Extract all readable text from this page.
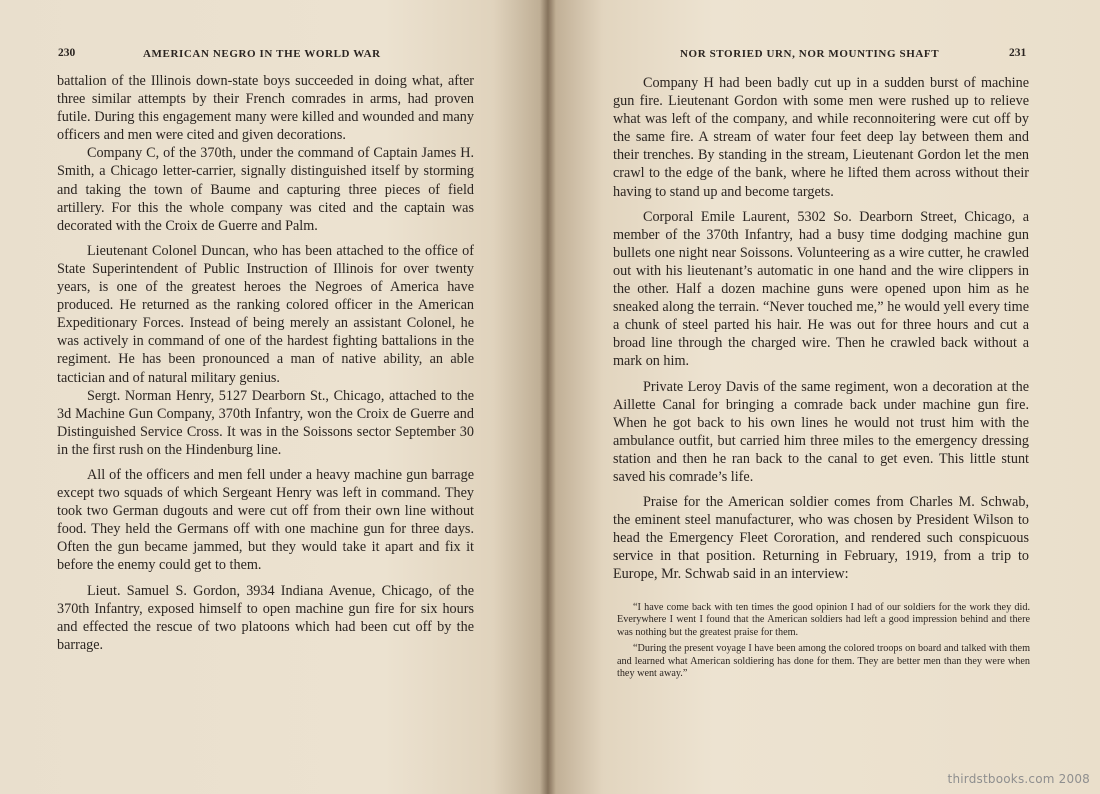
230	AMERICAN NEGRO IN THE WORLD WAR

battalion of the Illinois down-state boys succeeded in doing what, after three similar attempts by their French comrades in arms, had proven futile. During this engagement many were killed and wounded and many officers and men were cited and given decorations.

Company C, of the 370th, under the command of Captain James H. Smith, a Chicago letter-carrier, signally distinguished itself by storming and taking the town of Baume and capturing three pieces of field artillery. For this the whole company was cited and the captain was decorated with the Croix de Guerre and Palm.

Lieutenant Colonel Duncan, who has been attached to the office of State Superintendent of Public Instruction of Illinois for over twenty years, is one of the greatest heroes the Negroes of America have produced. He returned as the ranking colored officer in the American Expeditionary Forces. Instead of being merely an assistant Colonel, he was actively in command of one of the hardest fighting battalions in the regiment. He has been pronounced a man of native ability, an able tactician and of natural military genius.

Sergt. Norman Henry, 5127 Dearborn St., Chicago, attached to the 3d Machine Gun Company, 370th Infantry, won the Croix de Guerre and Distinguished Service Cross. It was in the Soissons sector September 30 in the first rush on the Hindenburg line.

All of the officers and men fell under a heavy machine gun barrage except two squads of which Sergeant Henry was left in command. They took two German dugouts and were cut off from their own line without food. They held the Germans off with one machine gun for three days. Often the gun became jammed, but they would take it apart and fix it before the enemy could get to them.

Lieut. Samuel S. Gordon, 3934 Indiana Avenue, Chicago, of the 370th Infantry, exposed himself to open machine gun fire for six hours and effected the rescue of two platoons which had been cut off by the barrage.

NOR STORIED URN, NOR MOUNTING SHAFT	231

Company H had been badly cut up in a sudden burst of machine gun fire. Lieutenant Gordon with some men were rushed up to relieve what was left of the company, and while reconnoitering were cut off by the same fire. A stream of water four feet deep lay between them and their trenches. By standing in the stream, Lieutenant Gordon let the men crawl to the edge of the bank, where he lifted them across without their having to stand up and become targets.

Corporal Emile Laurent, 5302 So. Dearborn Street, Chicago, a member of the 370th Infantry, had a busy time dodging machine gun bullets one night near Soissons. Volunteering as a wire cutter, he crawled out with his lieutenant’s automatic in one hand and the wire clippers in the other. Half a dozen machine guns were opened upon him as he sneaked along the terrain. “Never touched me,” he would yell every time a chunk of steel parted his hair. He was out for three hours and cut a broad line through the charged wire. Then he crawled back without a mark on him.

Private Leroy Davis of the same regiment, won a decoration at the Aillette Canal for bringing a comrade back under machine gun fire. When he got back to his own lines he would not trust him with the ambulance outfit, but carried him three miles to the emergency dressing station and then he ran back to the canal to get even. This little stunt saved his comrade’s life.

Praise for the American soldier comes from Charles M. Schwab, the eminent steel manufacturer, who was chosen by President Wilson to head the Emergency Fleet Cororation, and rendered such conspicuous service in that position. Returning in February, 1919, from a trip to Europe, Mr. Schwab said in an interview:

“I have come back with ten times the good opinion I had of our soldiers for the work they did. Everywhere I went I found that the American soldiers had left a good impression behind and there was nothing but the greatest praise for them.

“During the present voyage I have been among the colored troops on board and talked with them and learned what American soldiering has done for them. They are better men than they were when they went away.”

thirdstbooks.com 2008
